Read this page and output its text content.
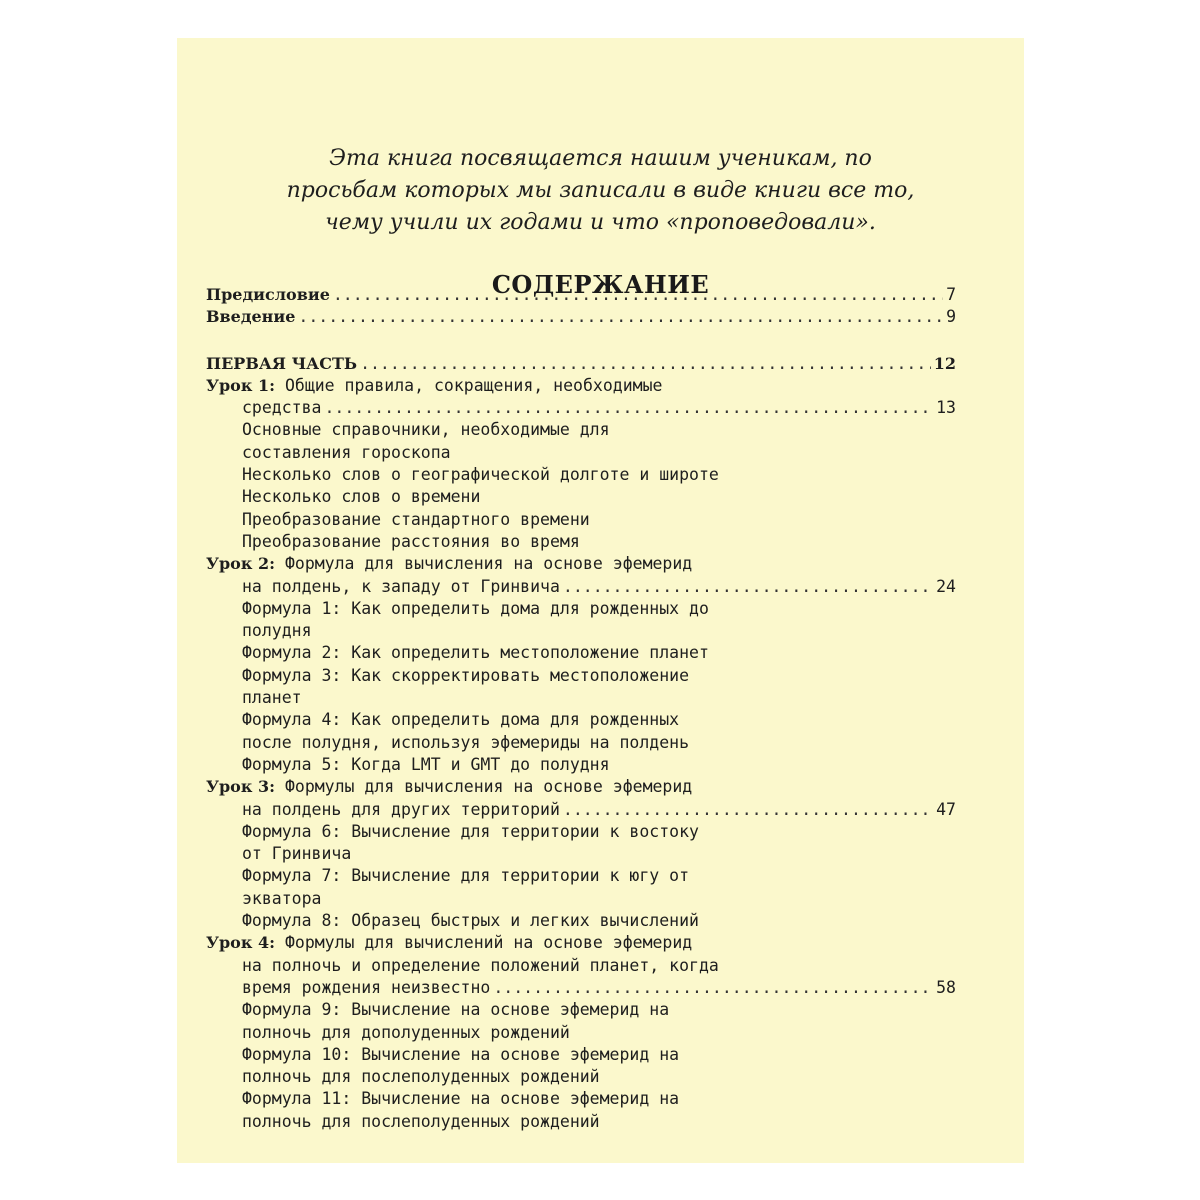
Эта книга посвящается нашим ученикам, по
просьбам которых мы записали в виде книги все то,
чему учили их годами и что «проповедовали».
СОДЕРЖАНИЕ
Предисловие .....	7
Введение .....	9
ПЕРВАЯ ЧАСТЬ .....	12
Урок 1: Общие правила, сокращения, необходимые
средства .....	13
Основные справочники, необходимые для
составления гороскопа
Несколько слов о географической долготе и широте
Несколько слов о времени
Преобразование стандартного времени
Преобразование расстояния во время
Урок 2: Формула для вычисления на основе эфемерид
на полдень, к западу от Гринвича .....	24
Формула 1: Как определить дома для рожденных до
полудня
Формула 2: Как определить местоположение планет
Формула 3: Как скорректировать местоположение
планет
Формула 4: Как определить дома для рожденных
после полудня, используя эфемериды на полдень
Формула 5: Когда LMT и GMT до полудня
Урок 3: Формулы для вычисления на основе эфемерид
на полдень для других территорий .....	47
Формула 6: Вычисление для территории к востоку
от Гринвича
Формула 7: Вычисление для территории к югу от
экватора
Формула 8: Образец быстрых и легких вычислений
Урок 4: Формулы для вычислений на основе эфемерид
на полночь и определение положений планет, когда
время рождения неизвестно .....	58
Формула 9: Вычисление на основе эфемерид на
полночь для дополуденных рождений
Формула 10: Вычисление на основе эфемерид на
полночь для послеполуденных рождений
Формула 11: Вычисление на основе эфемерид на
полночь для послеполуденных рождений
